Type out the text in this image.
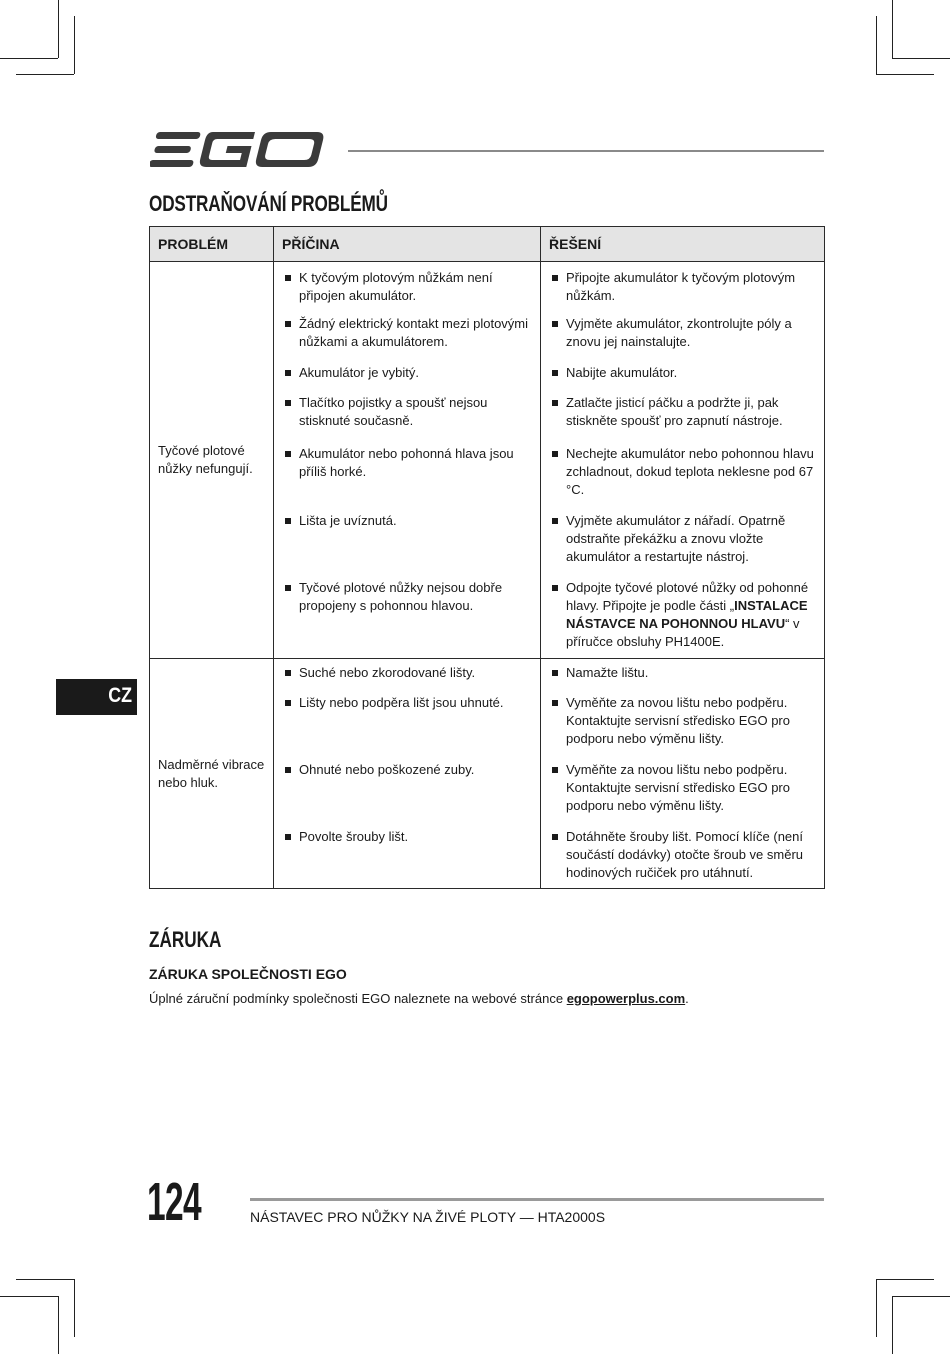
ODSTRAŇOVÁNÍ PROBLÉMŮ
PROBLÉM	PŘÍČINA	ŘEŠENÍ
Tyčové plotové nůžky nefungují.	K tyčovým plotovým nůžkám není připojen akumulátor.	Připojte akumulátor k tyčovým plotovým nůžkám.

Žádný elektrický kontakt mezi plotovými nůžkami a akumulátorem.	Vyjměte akumulátor, zkontrolujte póly a znovu jej nainstalujte.

Akumulátor je vybitý.	Nabijte akumulátor.

Tlačítko pojistky a spoušť nejsou stisknuté současně.	Zatlačte jisticí páčku a podržte ji, pak stiskněte spoušť pro zapnutí nástroje.

Akumulátor nebo pohonná hlava jsou příliš horké.	Nechejte akumulátor nebo pohonnou hlavu zchladnout, dokud teplota neklesne pod 67 °C.

Lišta je uvíznutá.	Vyjměte akumulátor z nářadí. Opatrně odstraňte překážku a znovu vložte akumulátor a restartujte nástroj.

Tyčové plotové nůžky nejsou dobře propojeny s pohonnou hlavou.	Odpojte tyčové plotové nůžky od pohonné hlavy. Připojte je podle části „INSTALACE NÁSTAVCE NA POHONNOU HLAVU“ v příručce obsluhy PH1400E.

Nadměrné vibrace nebo hluk.	Suché nebo zkorodované lišty.	Namažte lištu.

Lišty nebo podpěra lišt jsou uhnuté.	Vyměňte za novou lištu nebo podpěru. Kontaktujte servisní středisko EGO pro podporu nebo výměnu lišty.

Ohnuté nebo poškozené zuby.	Vyměňte za novou lištu nebo podpěru. Kontaktujte servisní středisko EGO pro podporu nebo výměnu lišty.

Povolte šrouby lišt.	Dotáhněte šrouby lišt. Pomocí klíče (není součástí dodávky) otočte šroub ve směru hodinových ručiček pro utáhnutí.
CZ
ZÁRUKA
ZÁRUKA SPOLEČNOSTI EGO

Úplné záruční podmínky společnosti EGO naleznete na webové stránce egopowerplus.com.

124	NÁSTAVEC PRO NŮŽKY NA ŽIVÉ PLOTY — HTA2000S
